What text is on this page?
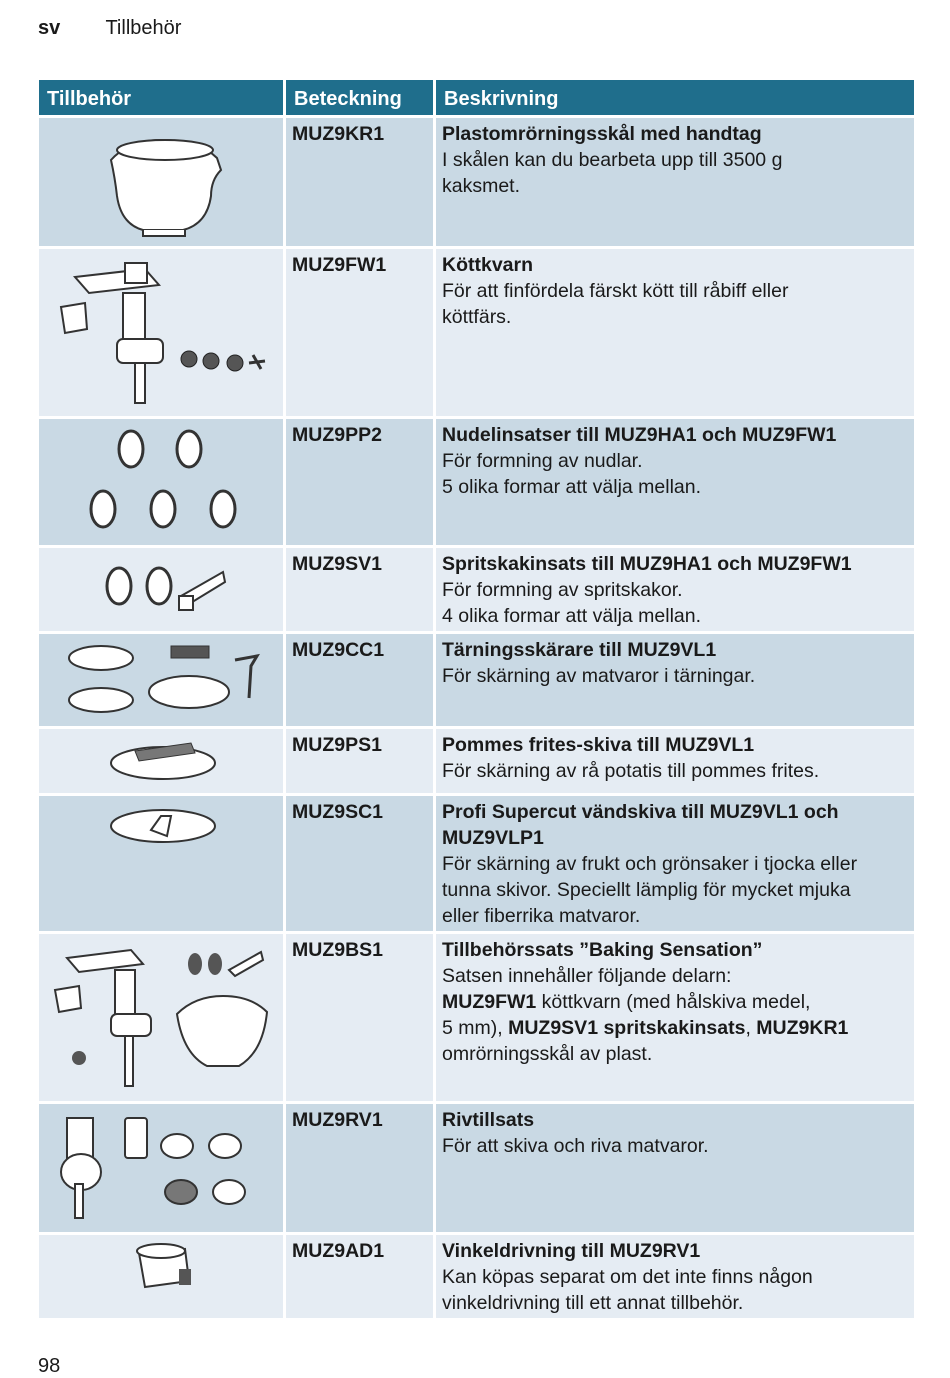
sv Tillbehör
Tillbehör	Beteckning	Beskrivning

	MUZ9KR1	Plastomrörningsskål med handtag
I skålen kan du bearbeta upp till 3500 g
kaksmet.

	MUZ9FW1	Köttkvarn
För att finfördela färskt kött till råbiff eller
köttfärs.

	MUZ9PP2	Nudelinsatser till MUZ9HA1 och MUZ9FW1
För formning av nudlar.
5 olika formar att välja mellan.

	MUZ9SV1	Spritskakinsats till MUZ9HA1 och MUZ9FW1
För formning av spritskakor.
4 olika formar att välja mellan.

	MUZ9CC1	Tärningsskärare till MUZ9VL1
För skärning av matvaror i tärningar.

	MUZ9PS1	Pommes frites-skiva till MUZ9VL1
För skärning av rå potatis till pommes frites.

	MUZ9SC1	Profi Supercut vändskiva till MUZ9VL1 och
MUZ9VLP1
För skärning av frukt och grönsaker i tjocka eller
tunna skivor. Speciellt lämplig för mycket mjuka
eller fiberrika matvaror.

	MUZ9BS1	Tillbehörssats ”Baking Sensation”
Satsen innehåller följande delarn:
MUZ9FW1 köttkvarn (med hålskiva medel,
5 mm), MUZ9SV1 spritskakinsats, MUZ9KR1
omrörningsskål av plast.

	MUZ9RV1	Rivtillsats
För att skiva och riva matvaror.

	MUZ9AD1	Vinkeldrivning till MUZ9RV1
Kan köpas separat om det inte finns någon
vinkeldrivning till ett annat tillbehör.
98
